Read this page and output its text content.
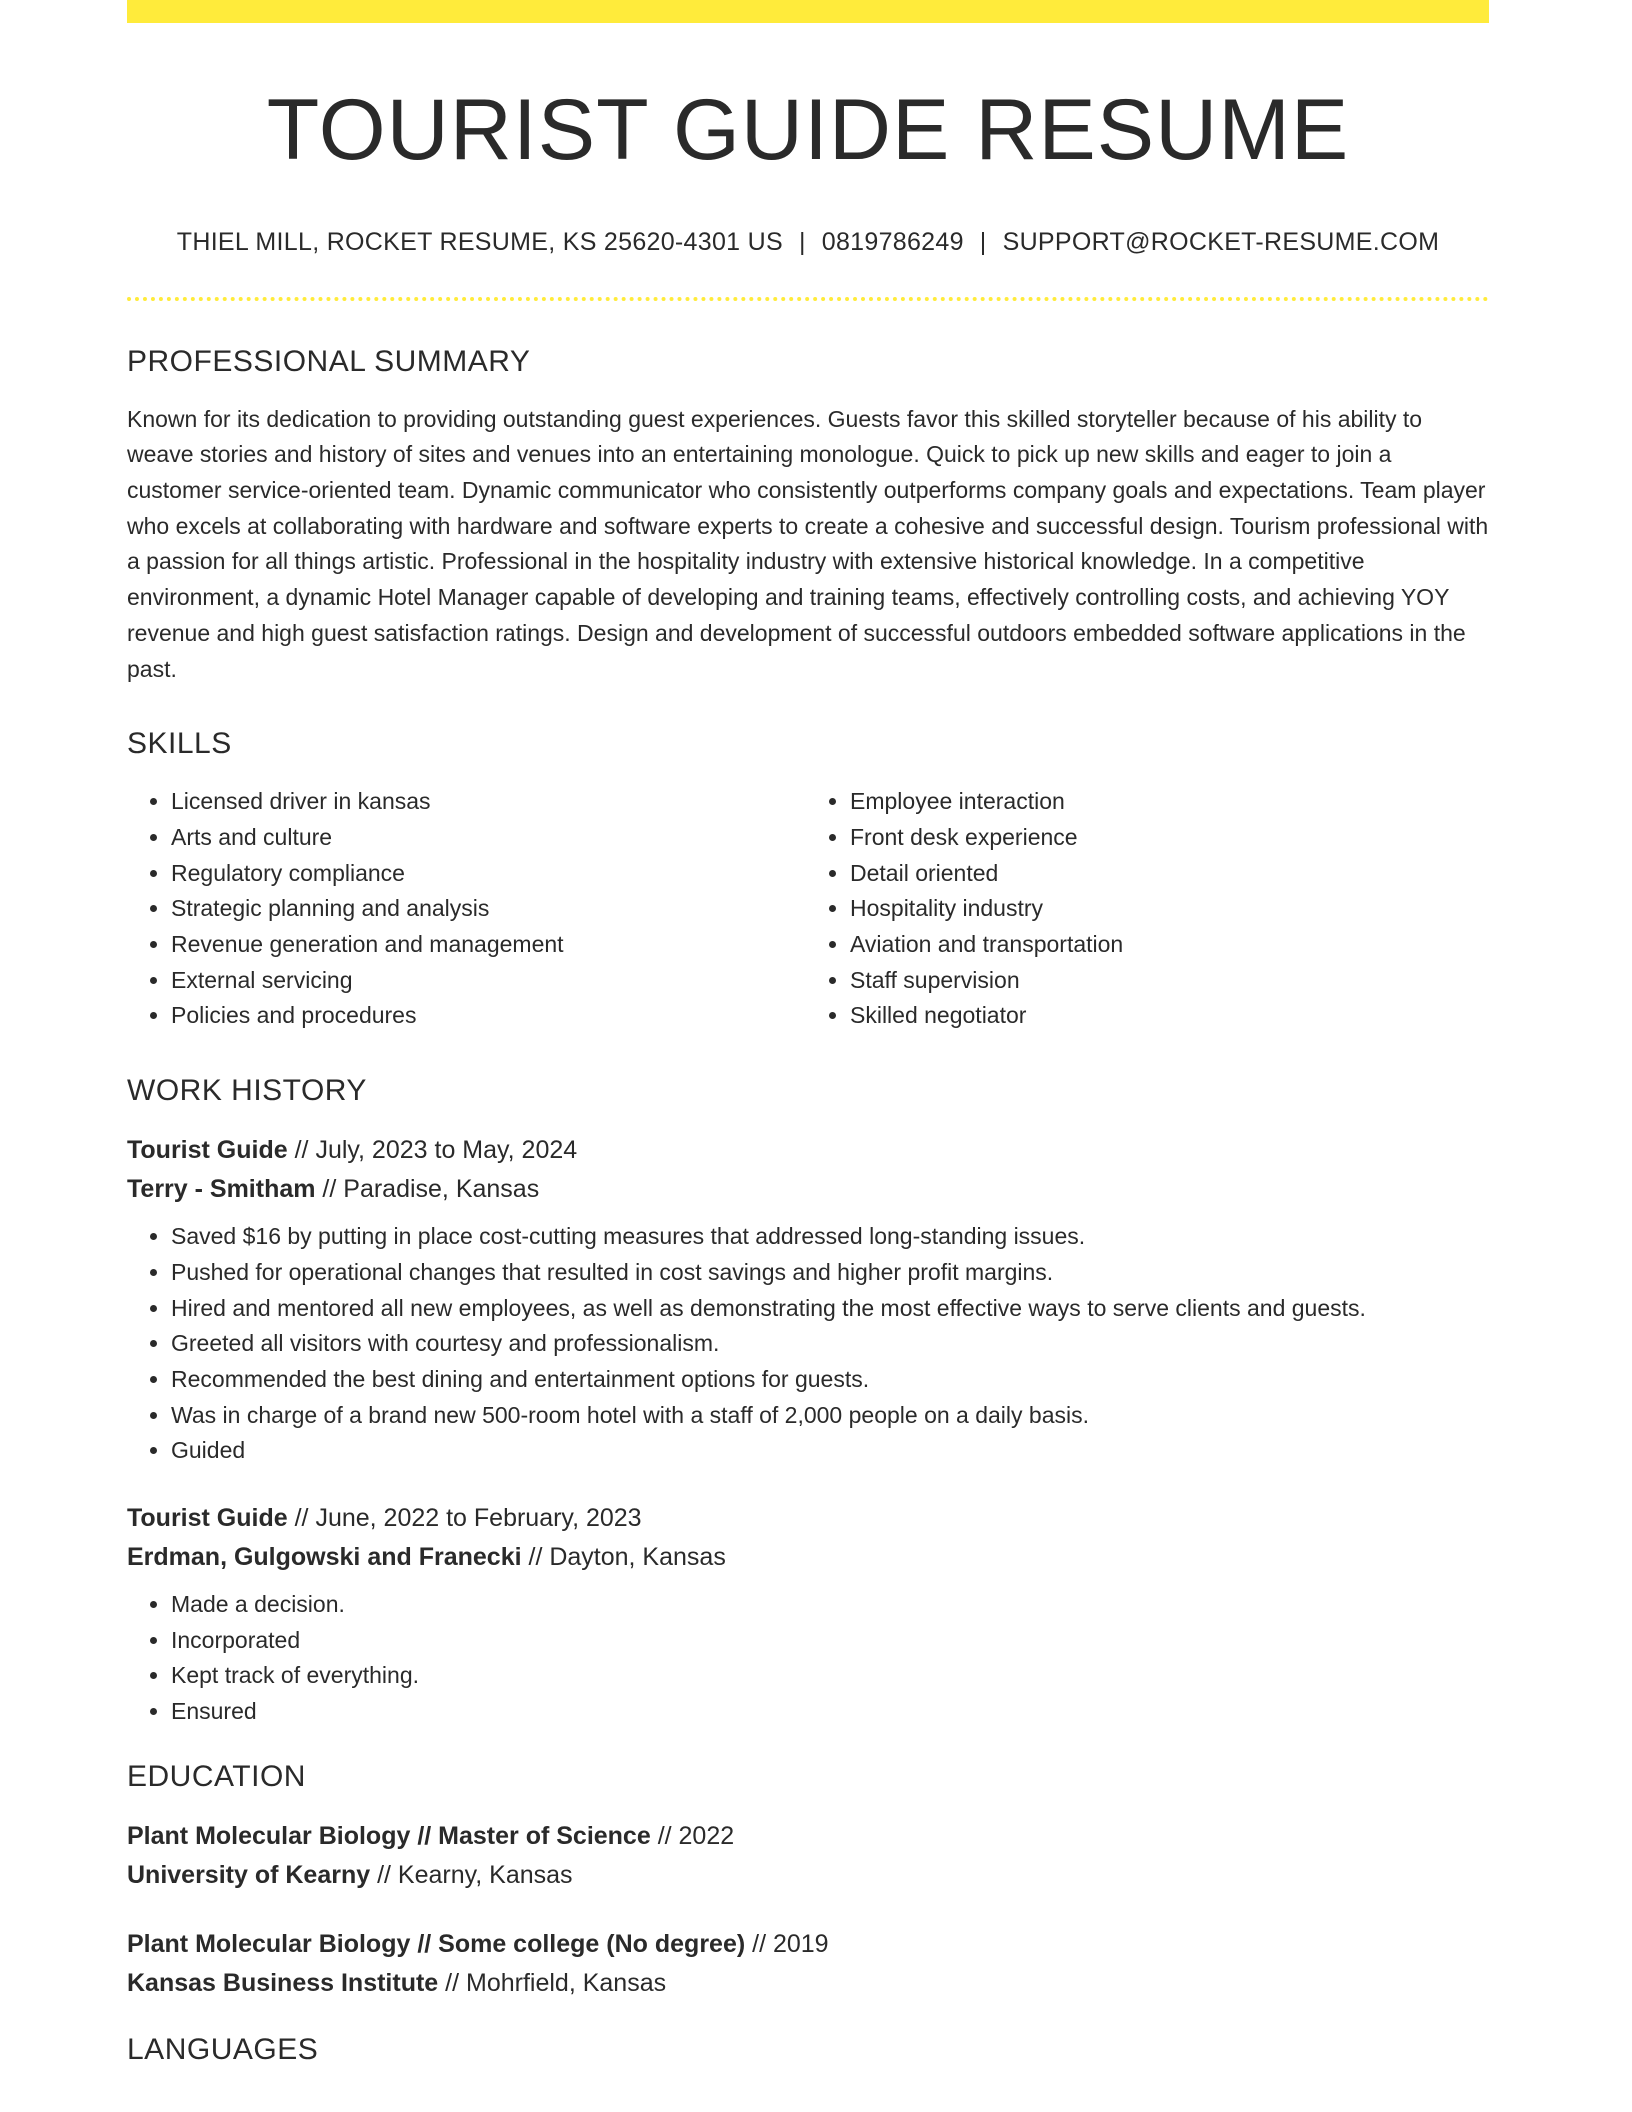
TOURIST GUIDE RESUME
THIEL MILL, ROCKET RESUME, KS 25620-4301 US | 0819786249 | SUPPORT@ROCKET-RESUME.COM
PROFESSIONAL SUMMARY

Known for its dedication to providing outstanding guest experiences. Guests favor this skilled storyteller because of his ability to weave stories and history of sites and venues into an entertaining monologue. Quick to pick up new skills and eager to join a customer service-oriented team. Dynamic communicator who consistently outperforms company goals and expectations. Team player who excels at collaborating with hardware and software experts to create a cohesive and successful design. Tourism professional with a passion for all things artistic. Professional in the hospitality industry with extensive historical knowledge. In a competitive environment, a dynamic Hotel Manager capable of developing and training teams, effectively controlling costs, and achieving YOY revenue and high guest satisfaction ratings. Design and development of successful outdoors embedded software applications in the past.

SKILLS
• Licensed driver in kansas
• Arts and culture
• Regulatory compliance
• Strategic planning and analysis
• Revenue generation and management
• External servicing
• Policies and procedures
• Employee interaction
• Front desk experience
• Detail oriented
• Hospitality industry
• Aviation and transportation
• Staff supervision
• Skilled negotiator
WORK HISTORY
Tourist Guide // July, 2023 to May, 2024
Terry - Smitham // Paradise, Kansas
• Saved $16 by putting in place cost-cutting measures that addressed long-standing issues.
• Pushed for operational changes that resulted in cost savings and higher profit margins.
• Hired and mentored all new employees, as well as demonstrating the most effective ways to serve clients and guests.
• Greeted all visitors with courtesy and professionalism.
• Recommended the best dining and entertainment options for guests.
• Was in charge of a brand new 500-room hotel with a staff of 2,000 people on a daily basis.
• Guided
Tourist Guide // June, 2022 to February, 2023
Erdman, Gulgowski and Franecki // Dayton, Kansas
• Made a decision.
• Incorporated
• Kept track of everything.
• Ensured
EDUCATION
Plant Molecular Biology // Master of Science // 2022
University of Kearny // Kearny, Kansas
Plant Molecular Biology // Some college (No degree) // 2019
Kansas Business Institute // Mohrfield, Kansas
LANGUAGES
